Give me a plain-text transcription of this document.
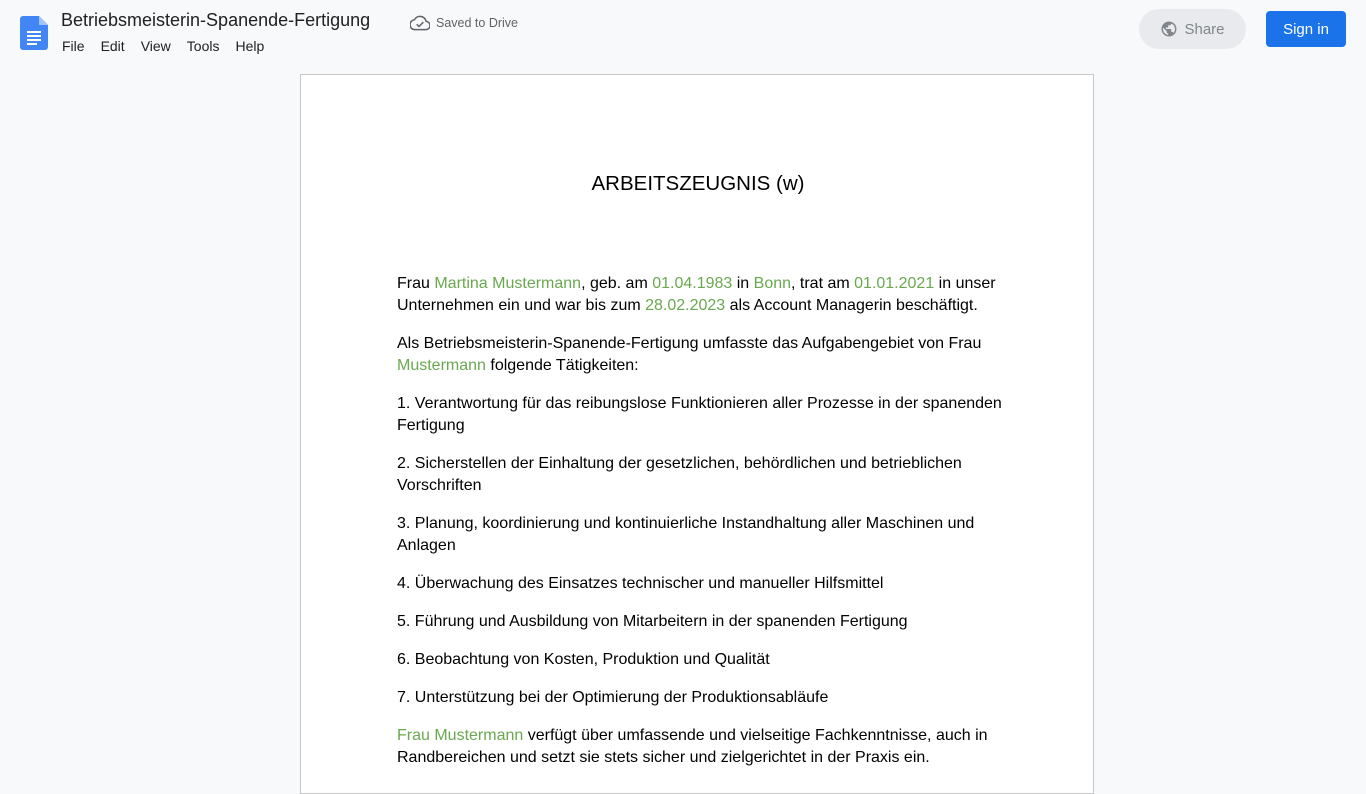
Betriebsmeisterin-Spanende-Fertigung	Saved to Drive
File	Edit	View	Tools	Help
Share	Sign in
ARBEITSZEUGNIS (w)

Frau Martina Mustermann, geb. am 01.04.1983 in Bonn, trat am 01.01.2021 in unser Unternehmen ein und war bis zum 28.02.2023 als Account Managerin beschäftigt.

Als Betriebsmeisterin-Spanende-Fertigung umfasste das Aufgabengebiet von Frau Mustermann folgende Tätigkeiten:

1. Verantwortung für das reibungslose Funktionieren aller Prozesse in der spanenden Fertigung

2. Sicherstellen der Einhaltung der gesetzlichen, behördlichen und betrieblichen Vorschriften

3. Planung, koordinierung und kontinuierliche Instandhaltung aller Maschinen und Anlagen

4. Überwachung des Einsatzes technischer und manueller Hilfsmittel

5. Führung und Ausbildung von Mitarbeitern in der spanenden Fertigung

6. Beobachtung von Kosten, Produktion und Qualität

7. Unterstützung bei der Optimierung der Produktionsabläufe

Frau Mustermann verfügt über umfassende und vielseitige Fachkenntnisse, auch in Randbereichen und setzt sie stets sicher und zielgerichtet in der Praxis ein.
